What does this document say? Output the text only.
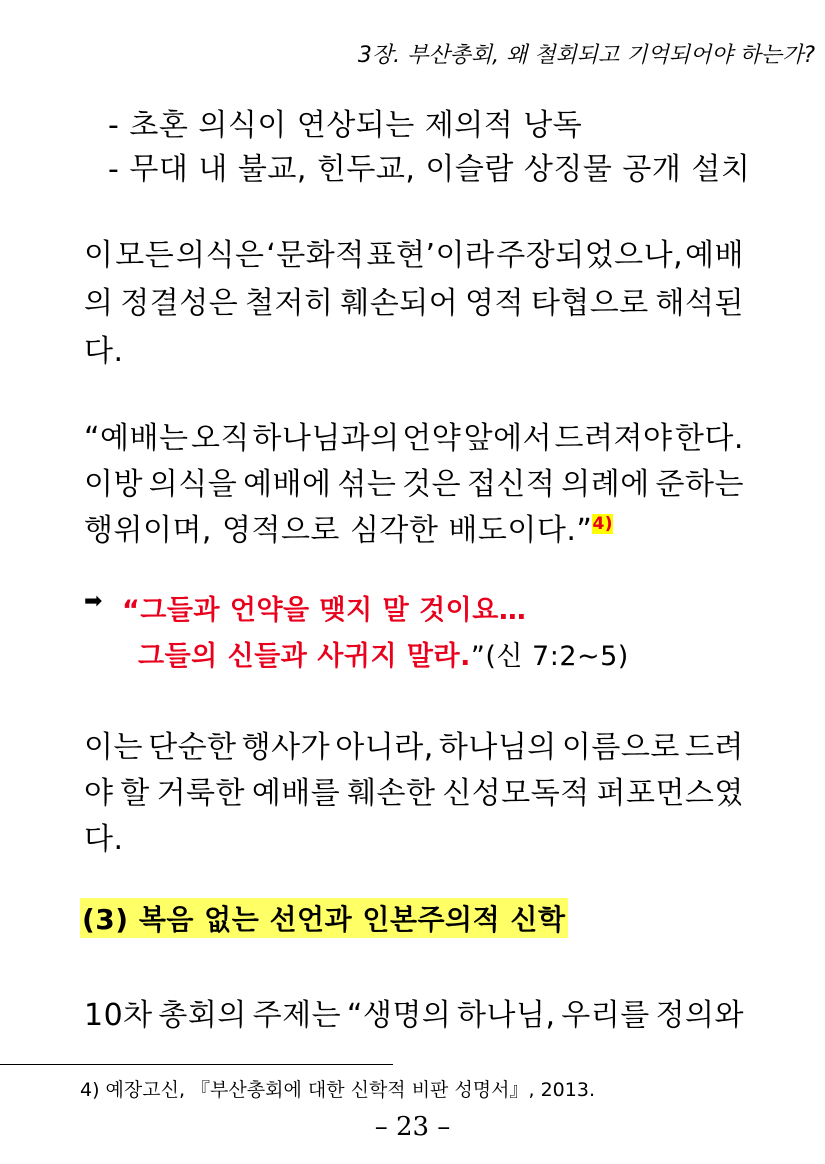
3장. 부산총회, 왜 철회되고 기억되어야 하는가?
- 초혼 의식이 연상되는 제의적 낭독
- 무대 내 불교, 힌두교, 이슬람 상징물 공개 설치
이 모든 의식은 ‘문화적 표현’이라 주장되었으나, 예배
의 정결성은 철저히 훼손되어 영적 타협으로 해석된
다.
“예배는 오직 하나님과의 언약 앞에서 드려져야 한다.
이방 의식을 예배에 섞는 것은 접신적 의례에 준하는
행위이며, 영적으로 심각한 배도이다.”$^{4)}$
➡ “그들과 언약을 맺지 말 것이요…
그들의 신들과 사귀지 말라.”(신 7:2~5)
이는 단순한 행사가 아니라, 하나님의 이름으로 드려
야 할 거룩한 예배를 훼손한 신성모독적 퍼포먼스였
다.
(3) 복음 없는 선언과 인본주의적 신학
10차 총회의 주제는 “생명의 하나님, 우리를 정의와
4) 예장고신, 『부산총회에 대한 신학적 비판 성명서』, 2013.
– 23 –
